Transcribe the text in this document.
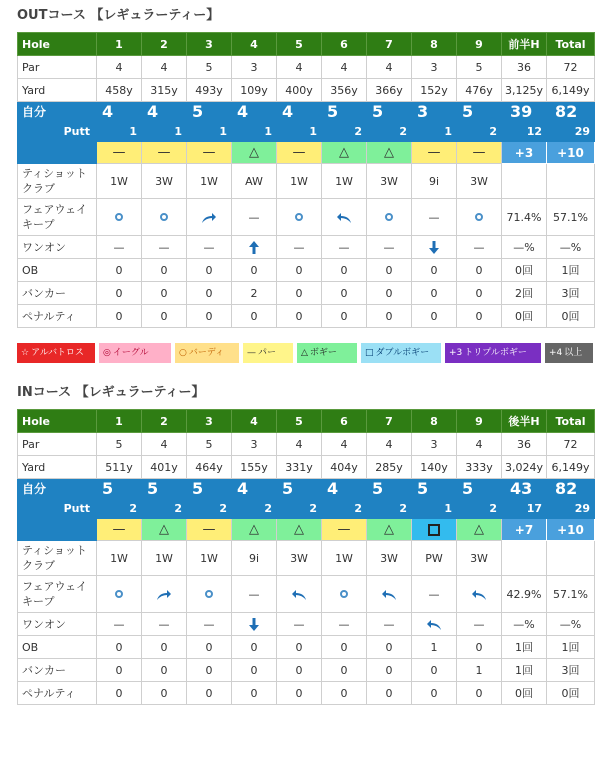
OUTコース 【レギュラーティー】
Hole	1	2	3	4	5	6	7	8	9	前半H	Total
Par	4	4	5	3	4	4	4	3	5	36	72
Yard	458y	315y	493y	109y	400y	356y	366y	152y	476y	3,125y	6,149y
自分	4	4	5	4	4	5	5	3	5	39	82
Putt	1	1	1	1	1	2	2	1	2	12	29
	—	—	—	△	—	△	△	—	—	+3	+10
ティショット クラブ	1W	3W	1W	AW	1W	1W	3W	9i	3W		
フェアウェイ キープ				—				—		71.4%	57.1%
ワンオン	—	—	—		—	—	—		—	—%	—%
OB	0	0	0	0	0	0	0	0	0	0回	1回
バンカー	0	0	0	2	0	0	0	0	0	2回	3回
ペナルティ	0	0	0	0	0	0	0	0	0	0回	0回
☆ アルバトロス	◎ イーグル	○ バーディ	— パー	△ ボギー	□ ダブルボギー	+3 トリプルボギー	+4 以上
INコース 【レギュラーティー】
Hole	1	2	3	4	5	6	7	8	9	後半H	Total
Par	5	4	5	3	4	4	4	3	4	36	72
Yard	511y	401y	464y	155y	331y	404y	285y	140y	333y	3,024y	6,149y
自分	5	5	5	4	5	4	5	5	5	43	82
Putt	2	2	2	2	2	2	2	1	2	17	29
	—	△	—	△	△	—	△		△	+7	+10
ティショット クラブ	1W	1W	1W	9i	3W	1W	3W	PW	3W		
フェアウェイ キープ				—				—		42.9%	57.1%
ワンオン	—	—	—		—	—	—		—	—%	—%
OB	0	0	0	0	0	0	0	1	0	1回	1回
バンカー	0	0	0	0	0	0	0	0	1	1回	3回
ペナルティ	0	0	0	0	0	0	0	0	0	0回	0回
